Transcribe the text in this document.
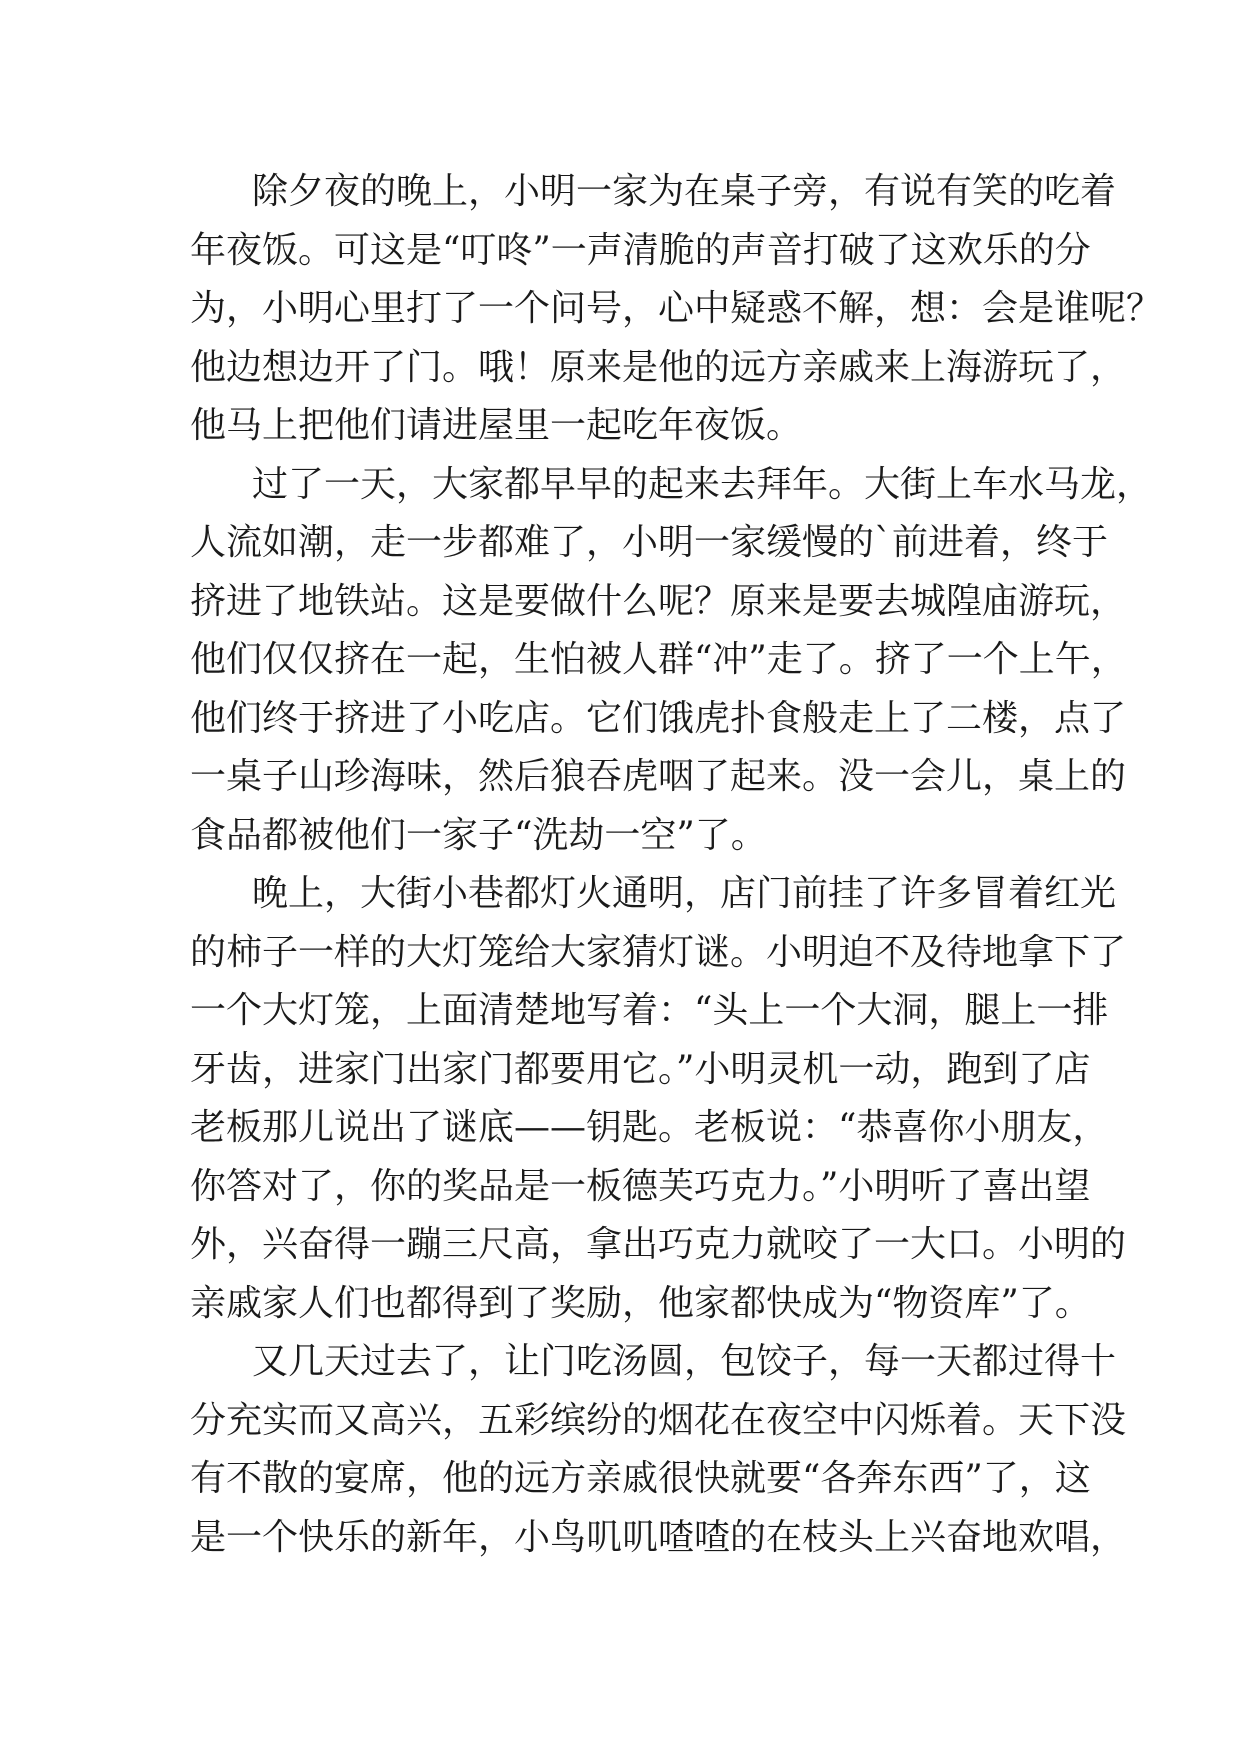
除夕夜的晚上，小明一家为在桌子旁，有说有笑的吃着
年夜饭。可这是“叮咚”一声清脆的声音打破了这欢乐的分
为，小明心里打了一个问号，心中疑惑不解，想：会是谁呢？
他边想边开了门。哦！原来是他的远方亲戚来上海游玩了，
他马上把他们请进屋里一起吃年夜饭。
过了一天，大家都早早的起来去拜年。大街上车水马龙，
人流如潮，走一步都难了，小明一家缓慢的`前进着，终于
挤进了地铁站。这是要做什么呢？原来是要去城隍庙游玩，
他们仅仅挤在一起，生怕被人群“冲”走了。挤了一个上午，
他们终于挤进了小吃店。它们饿虎扑食般走上了二楼，点了
一桌子山珍海味，然后狼吞虎咽了起来。没一会儿，桌上的
食品都被他们一家子“洗劫一空”了。
晚上，大街小巷都灯火通明，店门前挂了许多冒着红光
的柿子一样的大灯笼给大家猜灯谜。小明迫不及待地拿下了
一个大灯笼，上面清楚地写着：“头上一个大洞，腿上一排
牙齿，进家门出家门都要用它。”小明灵机一动，跑到了店
老板那儿说出了谜底——钥匙。老板说：“恭喜你小朋友，
你答对了，你的奖品是一板德芙巧克力。”小明听了喜出望
外，兴奋得一蹦三尺高，拿出巧克力就咬了一大口。小明的
亲戚家人们也都得到了奖励，他家都快成为“物资库”了。
又几天过去了，让门吃汤圆，包饺子，每一天都过得十
分充实而又高兴，五彩缤纷的烟花在夜空中闪烁着。天下没
有不散的宴席，他的远方亲戚很快就要“各奔东西”了，这
是一个快乐的新年，小鸟叽叽喳喳的在枝头上兴奋地欢唱，
